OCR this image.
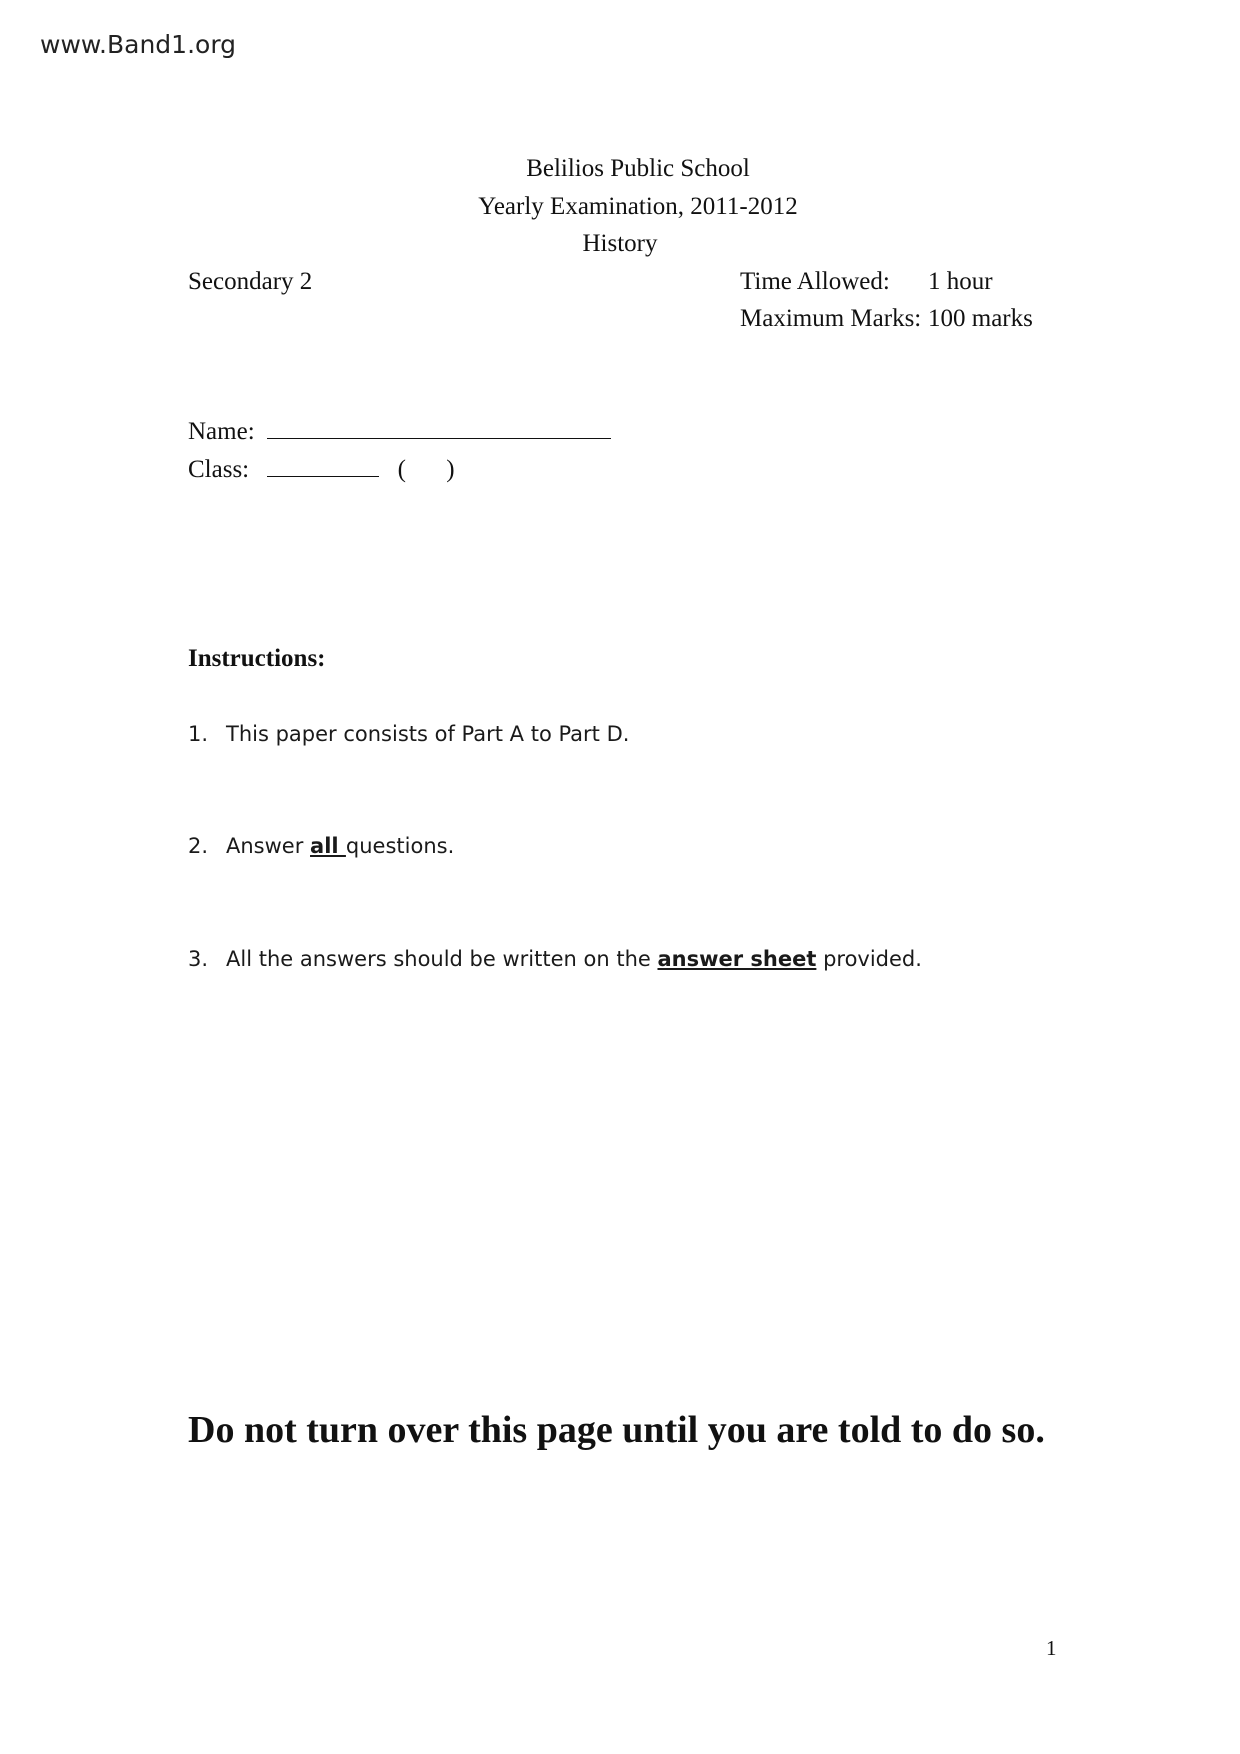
www.Band1.org
Belilios Public School
Yearly Examination, 2011-2012
History
Secondary 2	Time Allowed: 1 hour
Maximum Marks: 100 marks
Name:
Class:	( )
Instructions:
1. This paper consists of Part A to Part D.
2. Answer all questions.
3. All the answers should be written on the answer sheet provided.
Do not turn over this page until you are told to do so.
1
